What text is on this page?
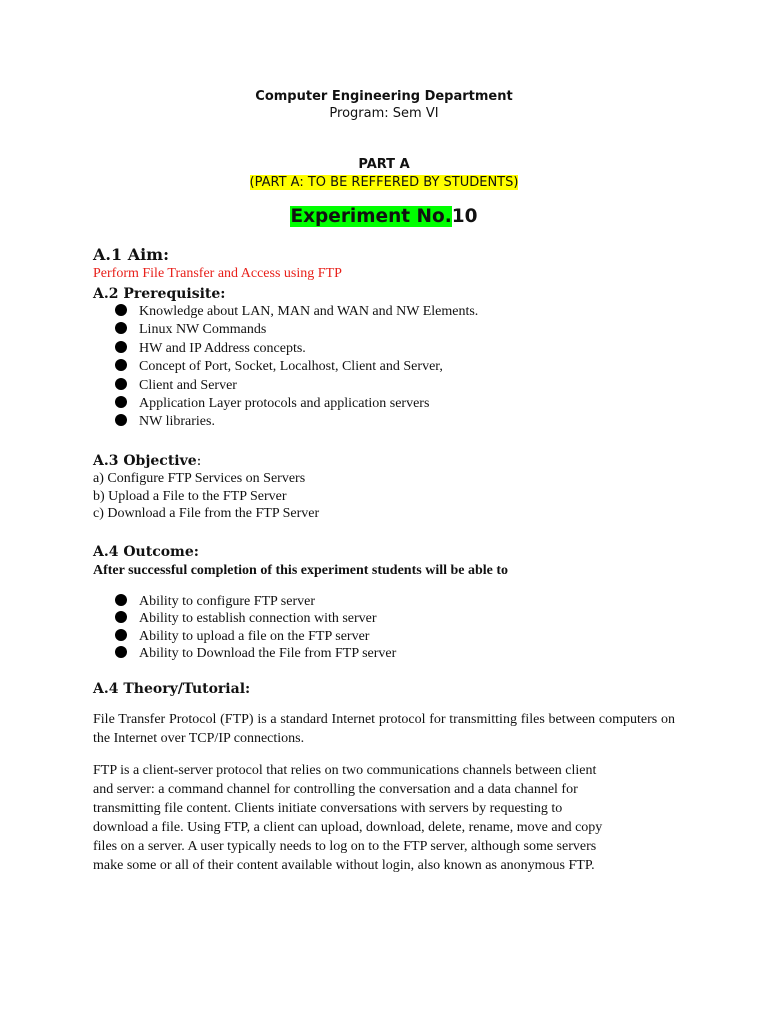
Computer Engineering Department
Program: Sem VI
PART A
(PART A: TO BE REFFERED BY STUDENTS)
Experiment No.10
A.1 Aim:
Perform File Transfer and Access using FTP
A.2 Prerequisite:
Knowledge about LAN, MAN and WAN and NW Elements.
Linux NW Commands
HW and IP Address concepts.
Concept of Port, Socket, Localhost, Client and Server,
Client and Server
Application Layer protocols and application servers
NW libraries.
A.3 Objective:
a) Configure FTP Services on Servers
b) Upload a File to the FTP Server
c) Download a File from the FTP Server
A.4 Outcome:
After successful completion of this experiment students will be able to
Ability to configure FTP server
Ability to establish connection with server
Ability to upload a file on the FTP server
Ability to Download the File from FTP server
A.4 Theory/Tutorial:

File Transfer Protocol (FTP) is a standard Internet protocol for transmitting files between computers on the Internet over TCP/IP connections.

FTP is a client-server protocol that relies on two communications channels between client
and server: a command channel for controlling the conversation and a data channel for
transmitting file content. Clients initiate conversations with servers by requesting to
download a file. Using FTP, a client can upload, download, delete, rename, move and copy
files on a server. A user typically needs to log on to the FTP server, although some servers
make some or all of their content available without login, also known as anonymous FTP.
